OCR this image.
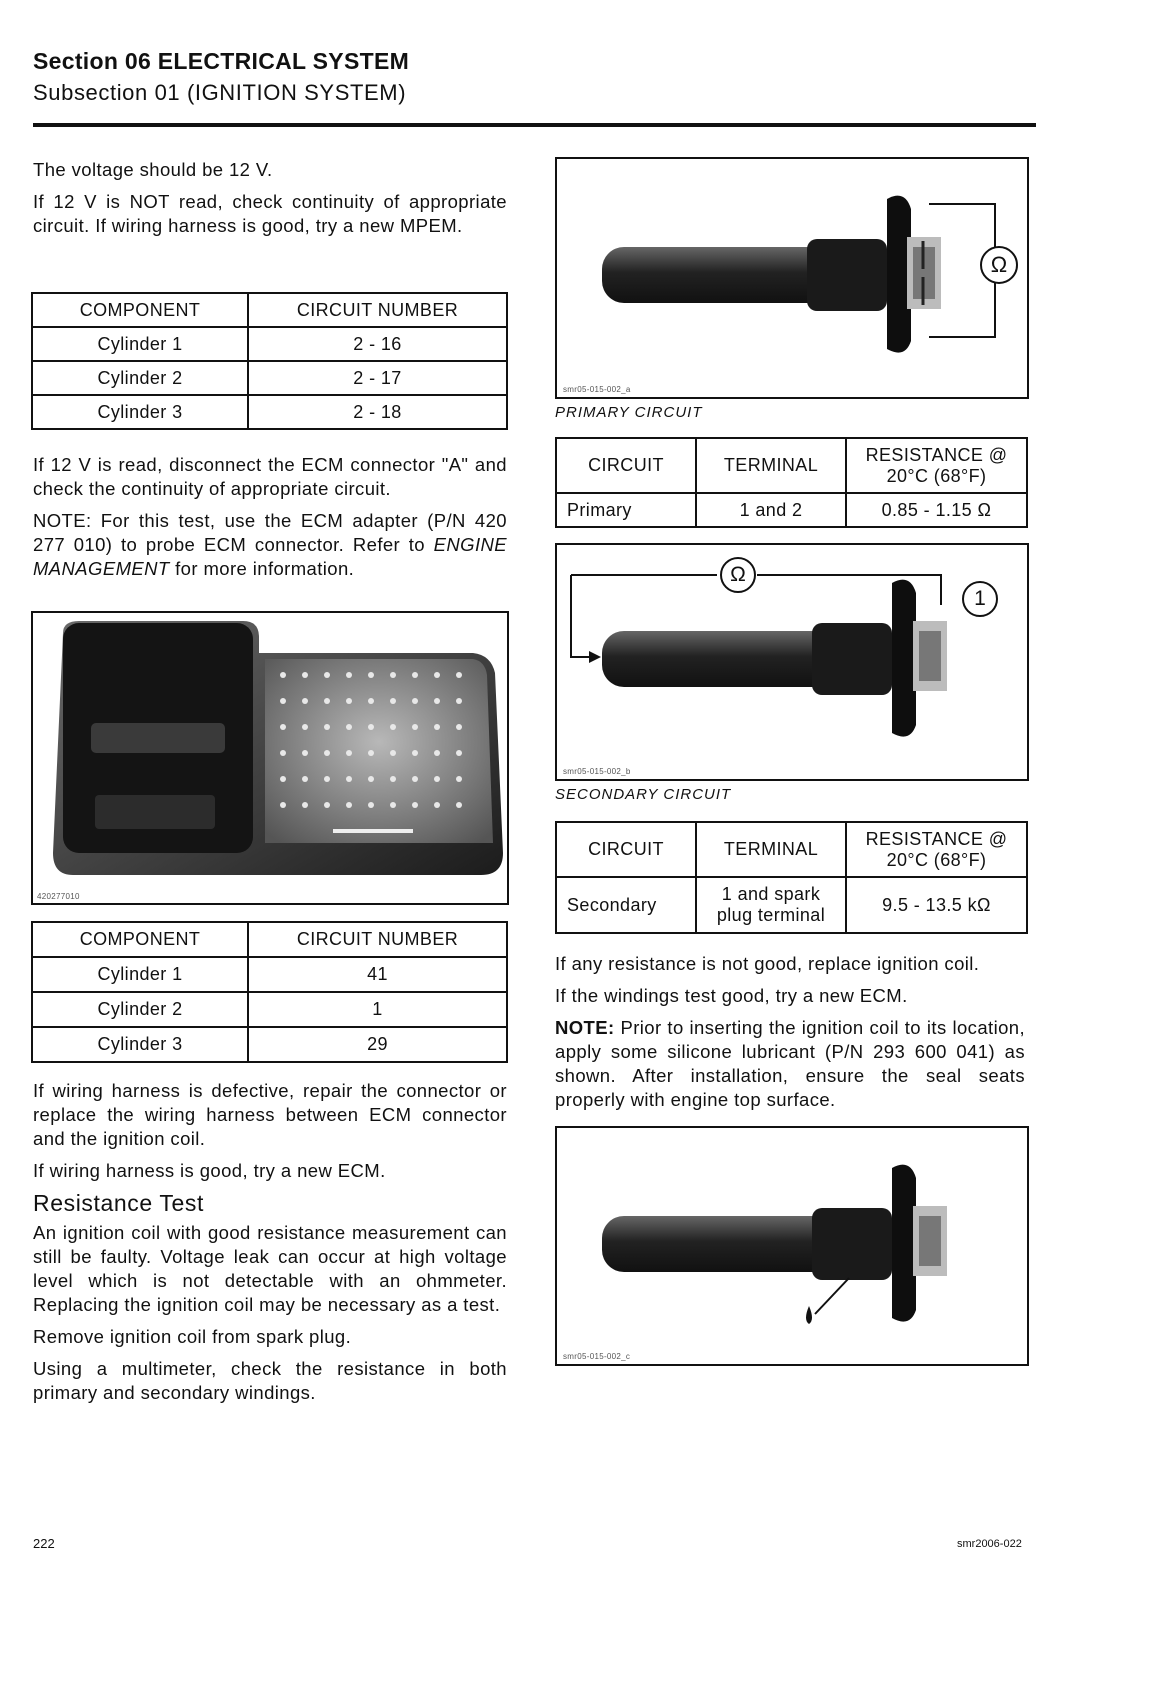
Section 06 ELECTRICAL SYSTEM
Subsection 01 (IGNITION SYSTEM)

The voltage should be 12 V.

If 12 V is NOT read, check continuity of appropriate circuit. If wiring harness is good, try a new MPEM.

COMPONENT	CIRCUIT NUMBER
Cylinder 1	2 - 16
Cylinder 2	2 - 17
Cylinder 3	2 - 18

If 12 V is read, disconnect the ECM connector "A" and check the continuity of appropriate circuit.

NOTE: For this test, use the ECM adapter (P/N 420 277 010) to probe ECM connector. Refer to ENGINE MANAGEMENT for more information.

420277010
COMPONENT	CIRCUIT NUMBER
Cylinder 1	41
Cylinder 2	1
Cylinder 3	29

If wiring harness is defective, repair the connector or replace the wiring harness between ECM connector and the ignition coil.

If wiring harness is good, try a new ECM.

Resistance Test

An ignition coil with good resistance measurement can still be faulty. Voltage leak can occur at high voltage level which is not detectable with an ohmmeter. Replacing the ignition coil may be necessary as a test.

Remove ignition coil from spark plug.

Using a multimeter, check the resistance in both primary and secondary windings.

Ω
smr05-015-002_a
PRIMARY CIRCUIT
CIRCUIT	TERMINAL	RESISTANCE @ 20°C (68°F)
Primary	1 and 2	0.85 - 1.15 Ω
Ω
1
smr05-015-002_b
SECONDARY CIRCUIT
CIRCUIT	TERMINAL	RESISTANCE @ 20°C (68°F)
Secondary	1 and spark plug terminal	9.5 - 13.5 kΩ

If any resistance is not good, replace ignition coil.

If the windings test good, try a new ECM.

NOTE: Prior to inserting the ignition coil to its location, apply some silicone lubricant (P/N 293 600 041) as shown. After installation, ensure the seal seats properly with engine top surface.

smr05-015-002_c
222	smr2006-022
